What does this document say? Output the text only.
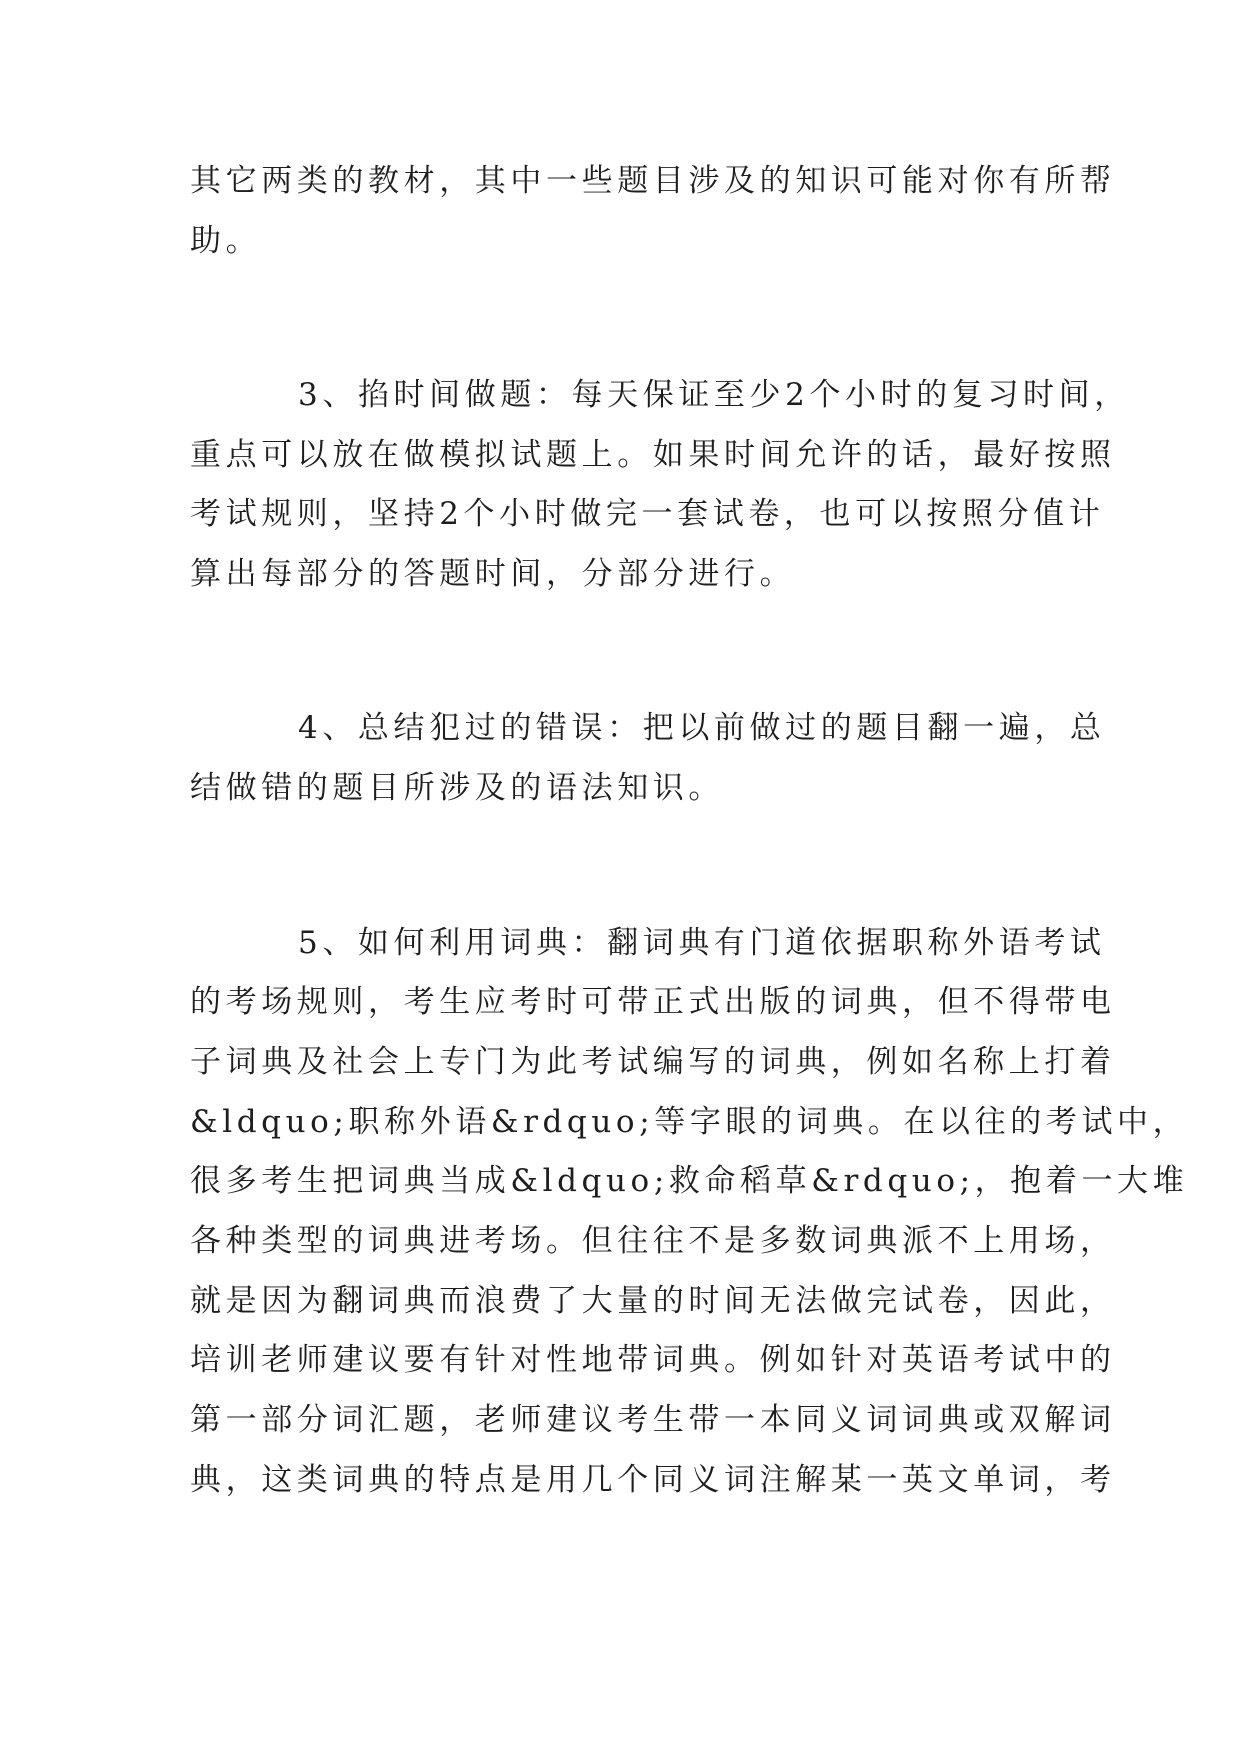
其它两类的教材，其中一些题目涉及的知识可能对你有所帮
助。
3、掐时间做题：每天保证至少2个小时的复习时间，
重点可以放在做模拟试题上。如果时间允许的话，最好按照
考试规则，坚持2个小时做完一套试卷，也可以按照分值计
算出每部分的答题时间，分部分进行。
4、总结犯过的错误：把以前做过的题目翻一遍，总
结做错的题目所涉及的语法知识。
5、如何利用词典：翻词典有门道依据职称外语考试
的考场规则，考生应考时可带正式出版的词典，但不得带电
子词典及社会上专门为此考试编写的词典，例如名称上打着
&ldquo;职称外语&rdquo;等字眼的词典。在以往的考试中，
很多考生把词典当成&ldquo;救命稻草&rdquo;，抱着一大堆
各种类型的词典进考场。但往往不是多数词典派不上用场，
就是因为翻词典而浪费了大量的时间无法做完试卷，因此，
培训老师建议要有针对性地带词典。例如针对英语考试中的
第一部分词汇题，老师建议考生带一本同义词词典或双解词
典，这类词典的特点是用几个同义词注解某一英文单词，考
